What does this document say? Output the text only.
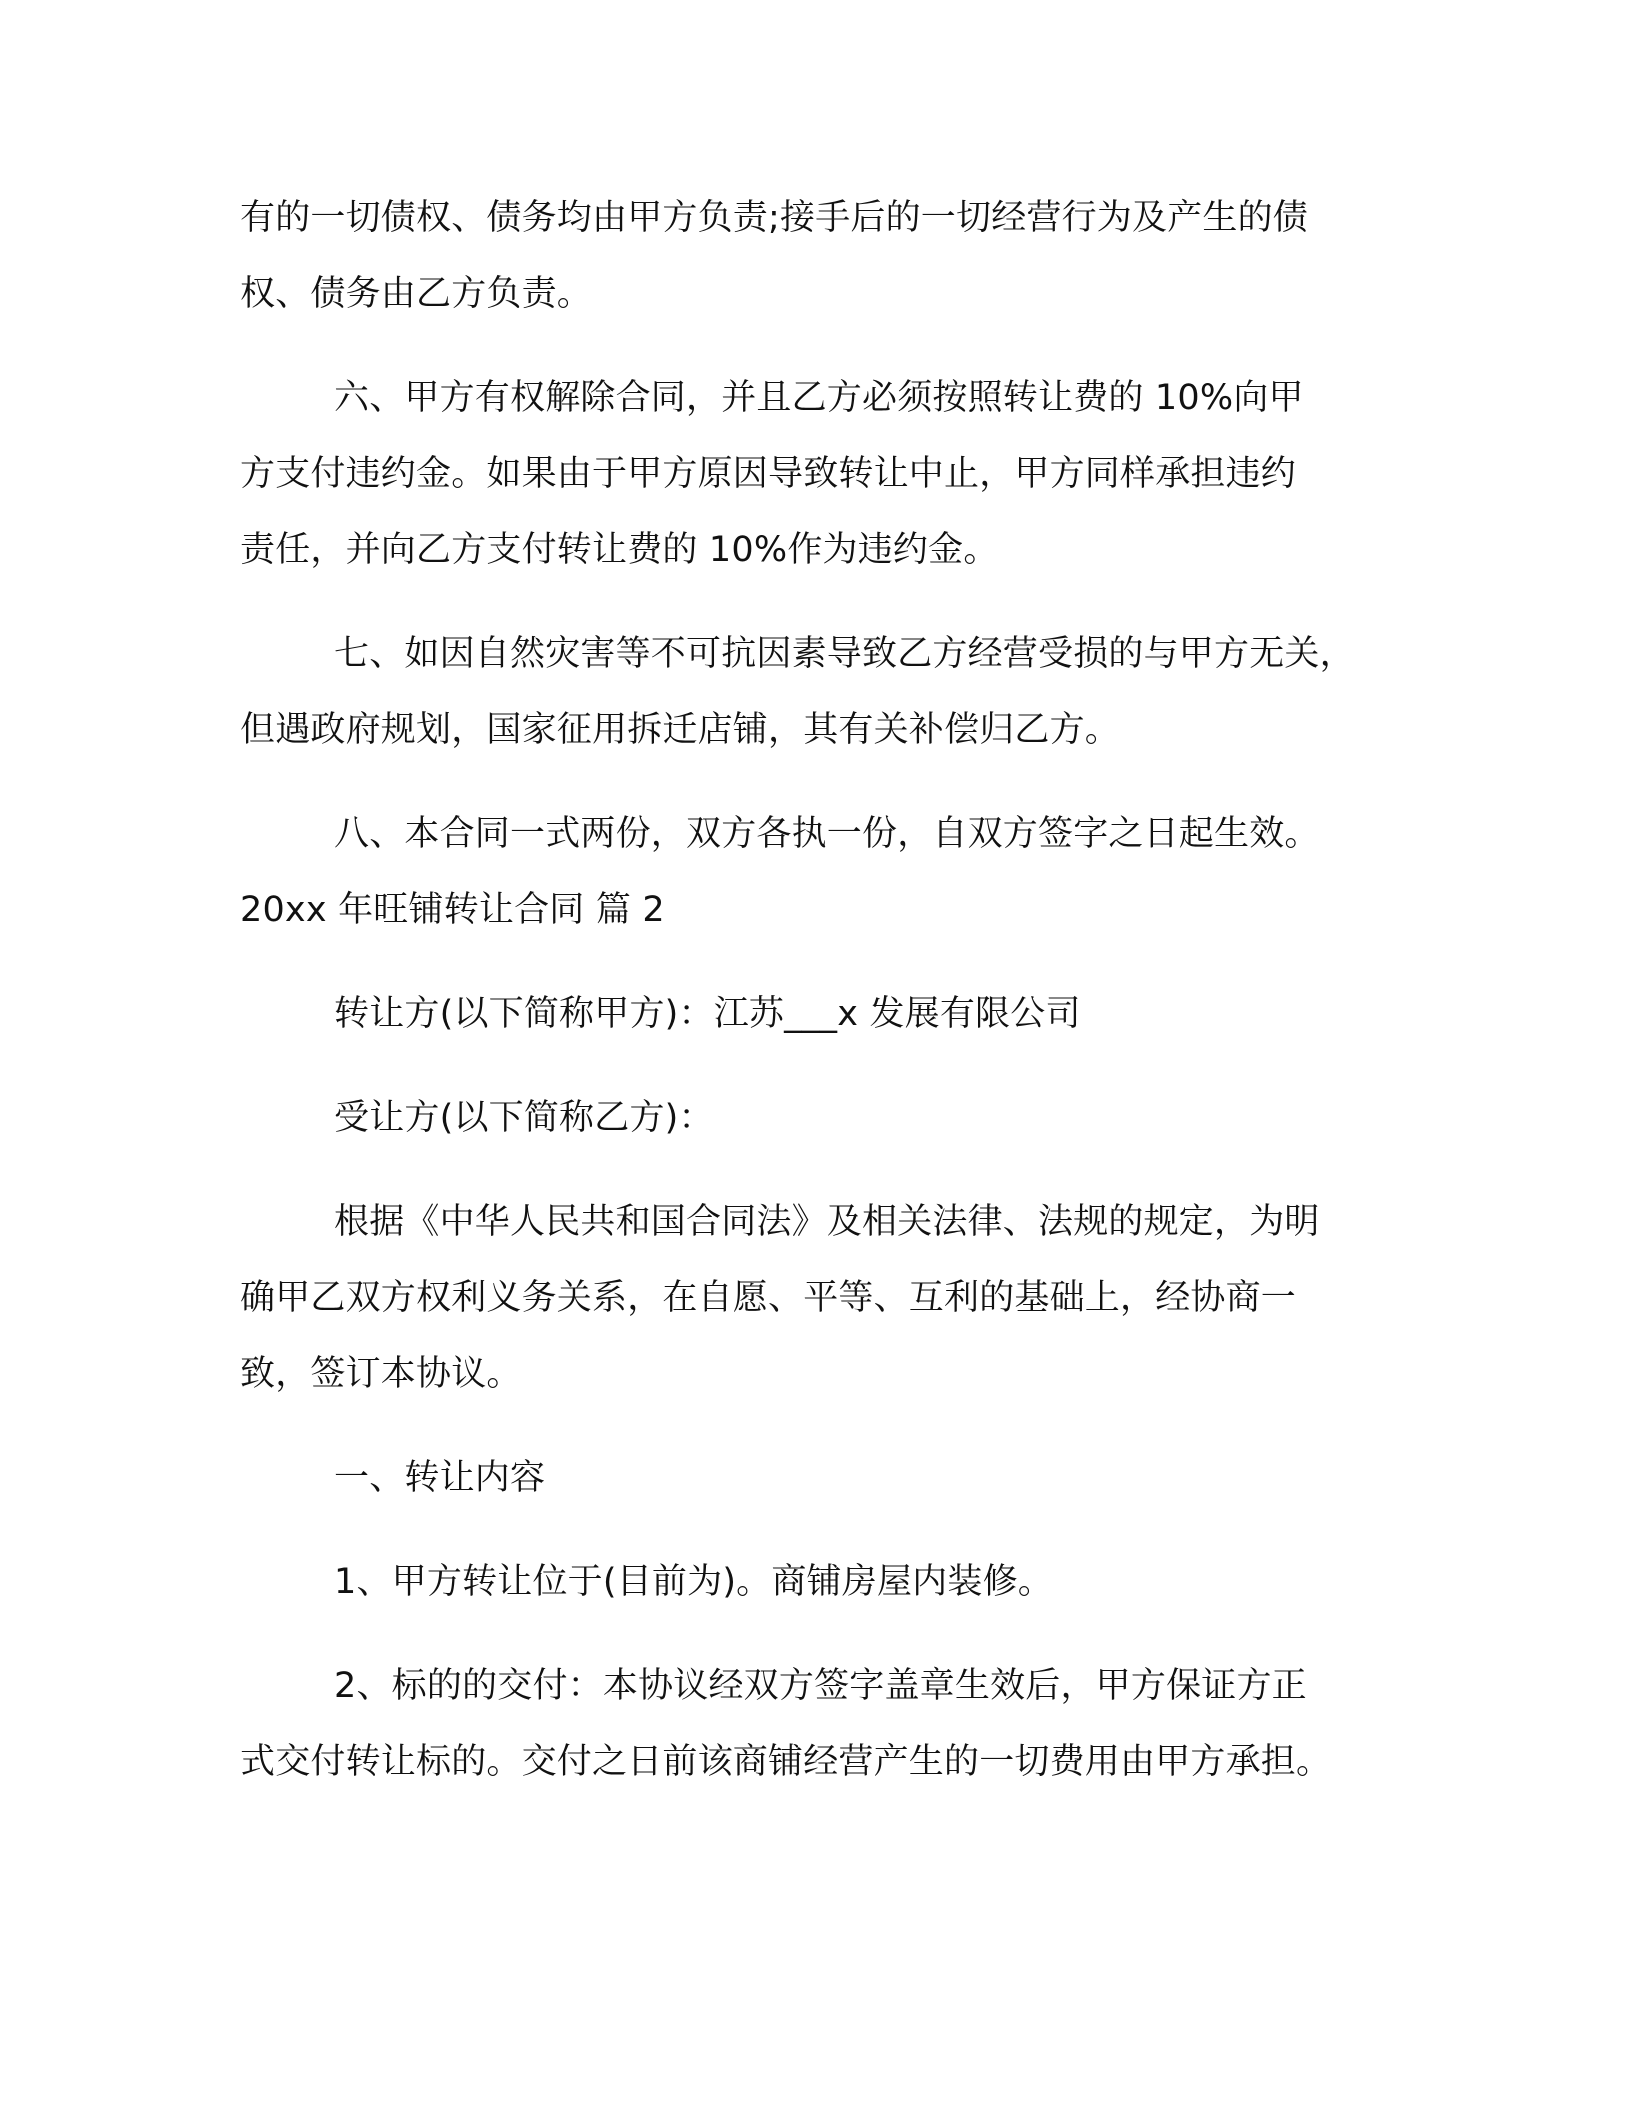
有的一切债权、债务均由甲方负责;接手后的一切经营行为及产生的债

权、债务由乙方负责。

六、甲方有权解除合同，并且乙方必须按照转让费的 10%向甲

方支付违约金。如果由于甲方原因导致转让中止，甲方同样承担违约

责任，并向乙方支付转让费的 10%作为违约金。

七、如因自然灾害等不可抗因素导致乙方经营受损的与甲方无关，

但遇政府规划，国家征用拆迁店铺，其有关补偿归乙方。

八、本合同一式两份，双方各执一份，自双方签字之日起生效。

20xx 年旺铺转让合同 篇 2

转让方(以下简称甲方)：江苏___x 发展有限公司

受让方(以下简称乙方)：

根据《中华人民共和国合同法》及相关法律、法规的规定，为明

确甲乙双方权利义务关系，在自愿、平等、互利的基础上，经协商一

致，签订本协议。

一、转让内容

1、甲方转让位于(目前为)。商铺房屋内装修。

2、标的的交付：本协议经双方签字盖章生效后，甲方保证方正

式交付转让标的。交付之日前该商铺经营产生的一切费用由甲方承担。
